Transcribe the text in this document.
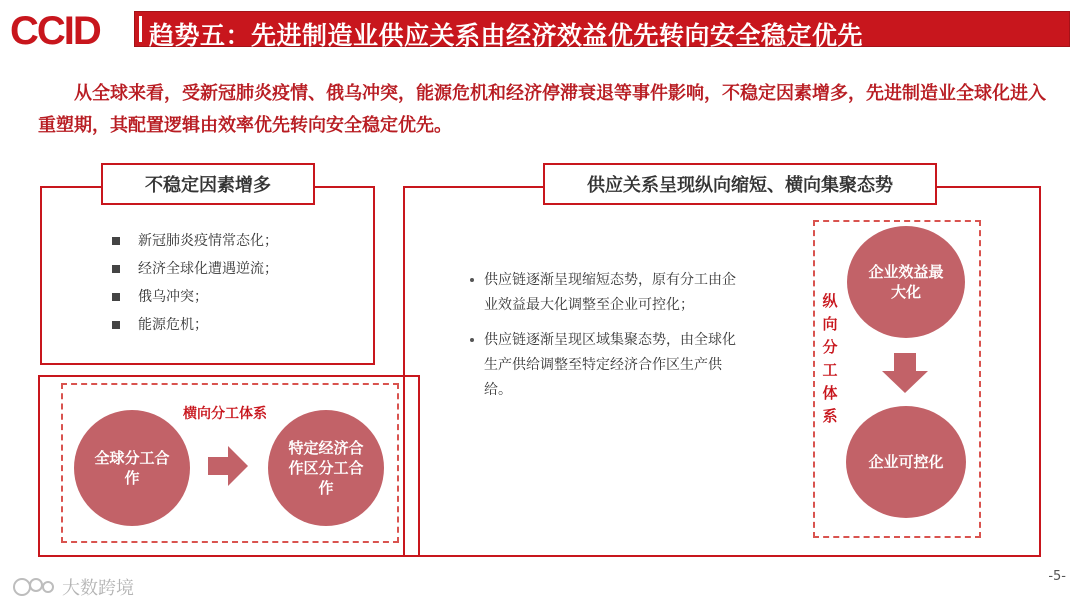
CCID 趋势五：先进制造业供应关系由经济效益优先转向安全稳定优先

从全球来看，受新冠肺炎疫情、俄乌冲突，能源危机和经济停滞衰退等事件影响，不稳定因素增多，先进制造业全球化进入重塑期，其配置逻辑由效率优先转向安全稳定优先。

不稳定因素增多	供应关系呈现纵向缩短、横向集聚态势
新冠肺炎疫情常态化；
经济全球化遭遇逆流；
俄乌冲突；
能源危机；
横向分工体系
全球分工合作
特定经济合作区分工合作
供应链逐渐呈现缩短态势，原有分工由企业效益最大化调整至企业可控化；
供应链逐渐呈现区域集聚态势，由全球化生产供给调整至特定经济合作区生产供给。
纵向分工体系
企业效益最大化
企业可控化
大数跨境
-5-
